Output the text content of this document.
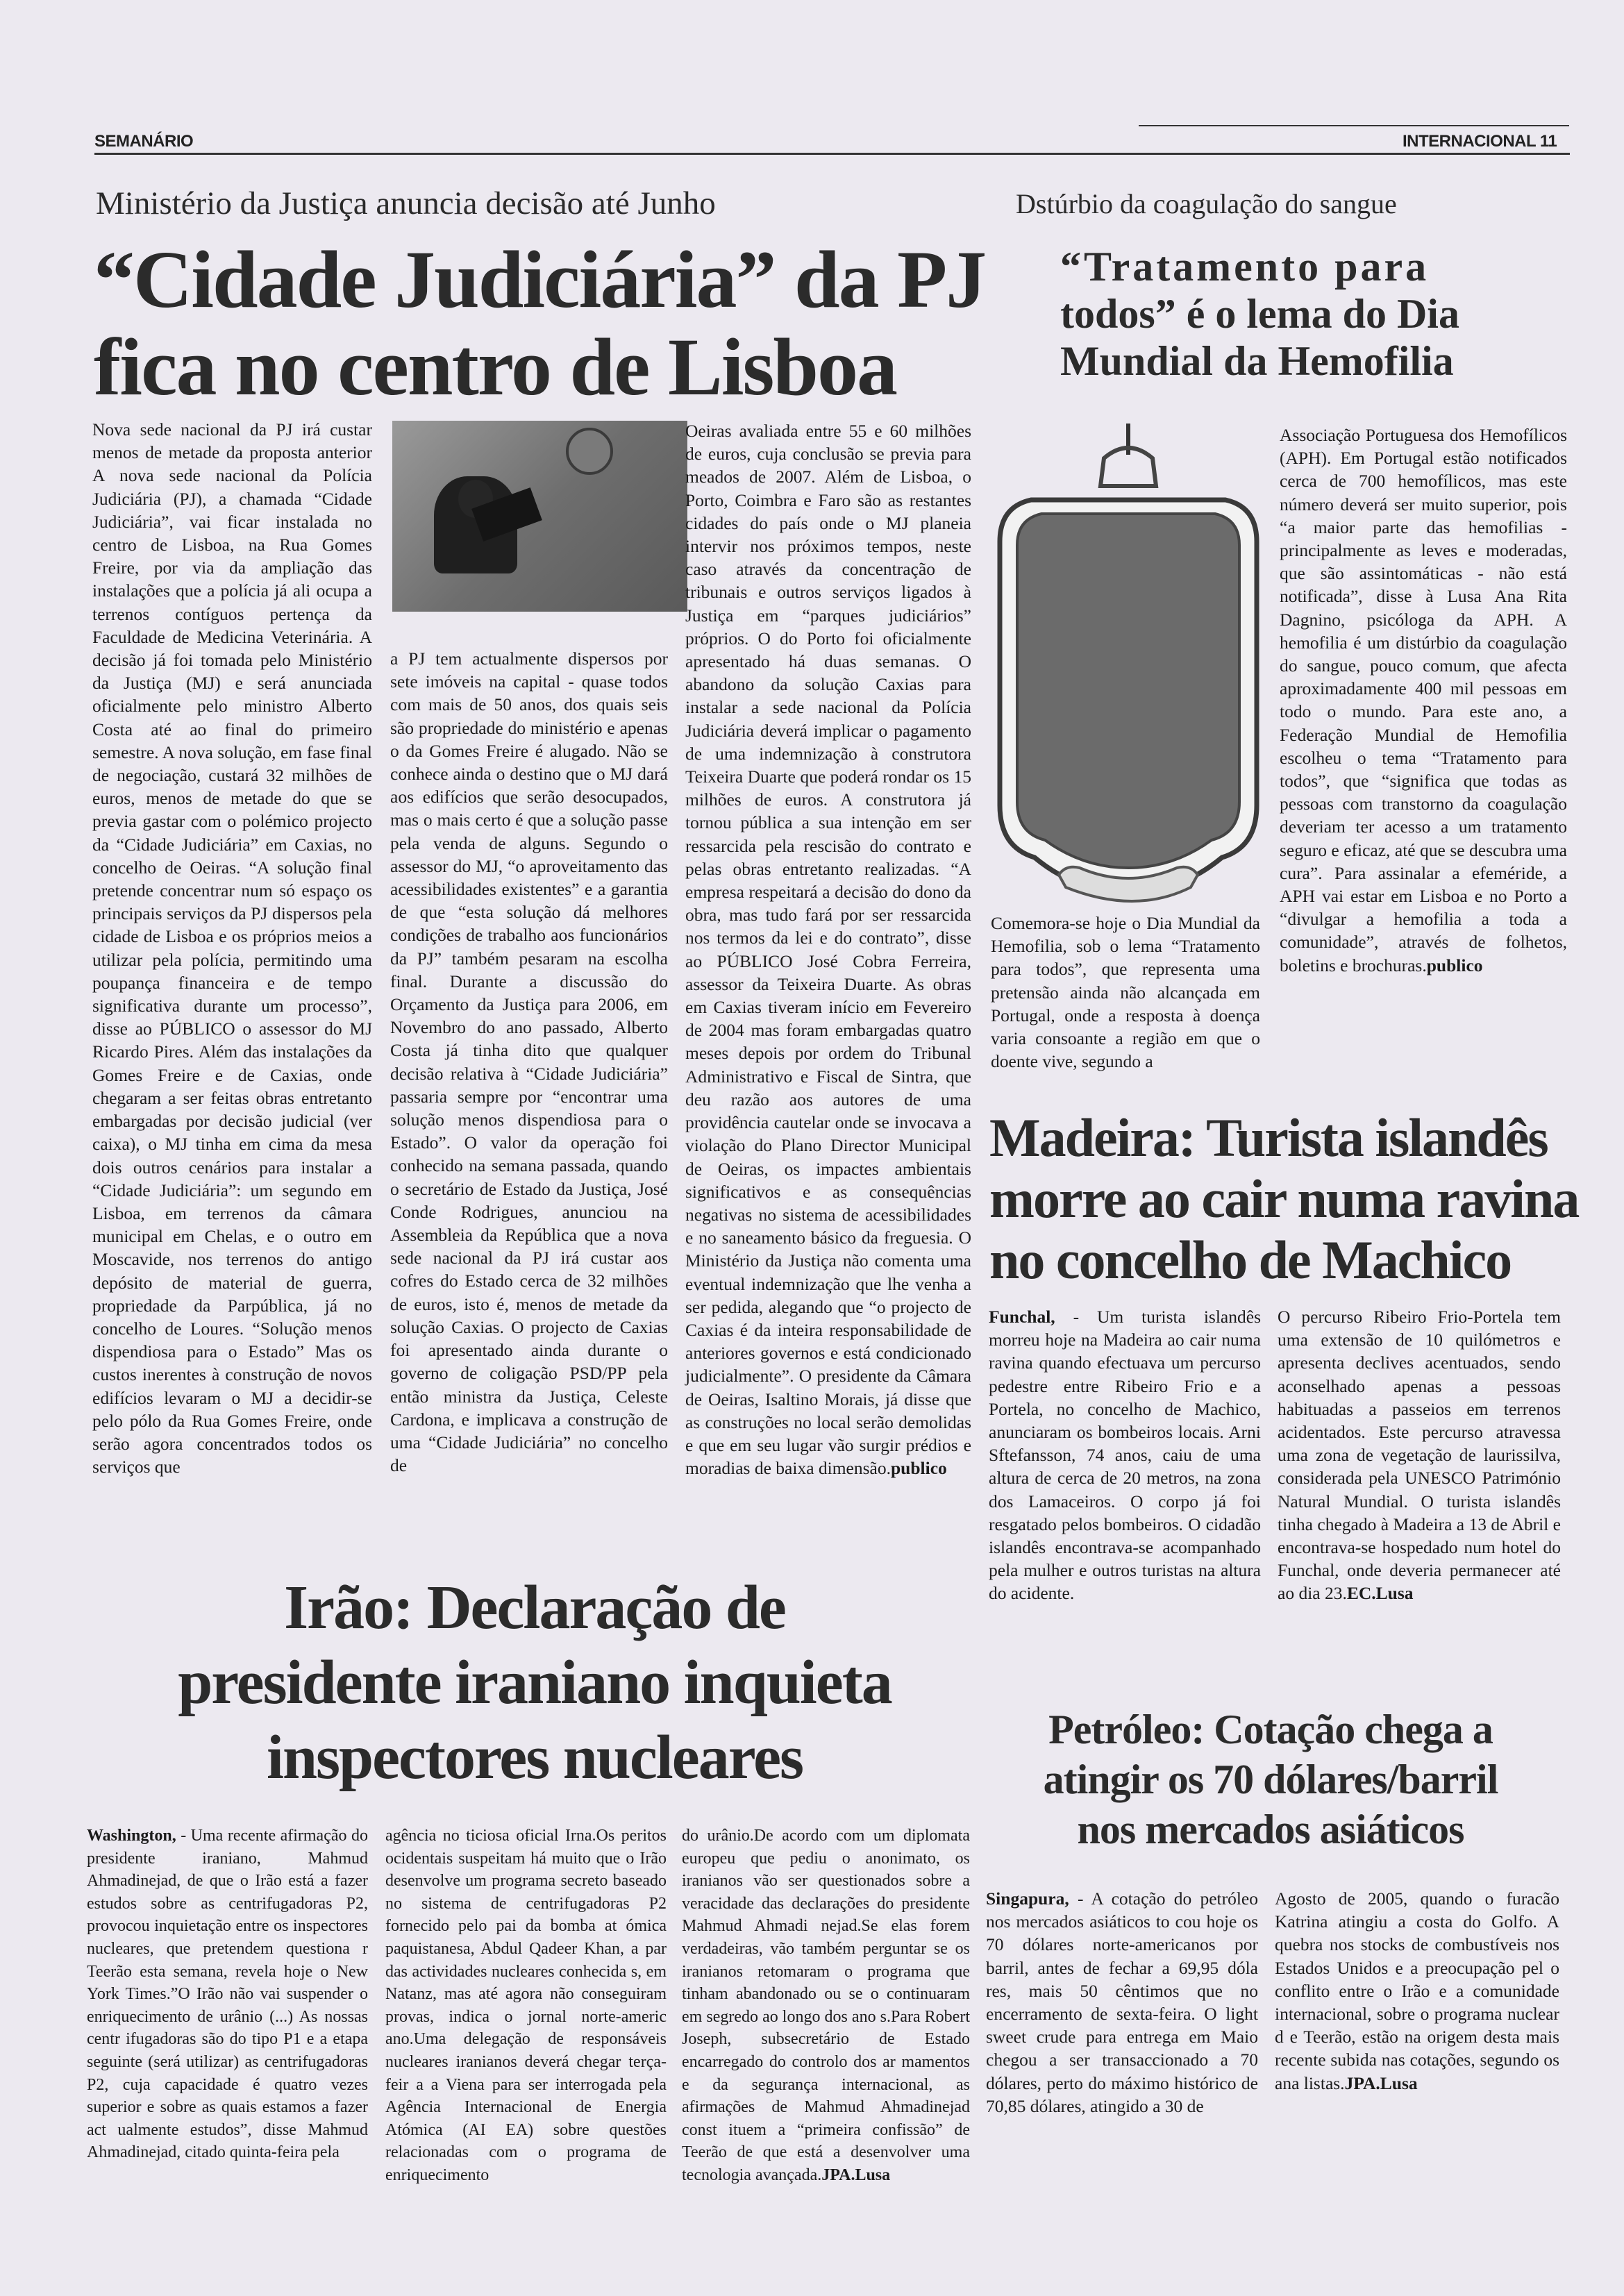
SEMANÁRIO	INTERNACIONAL 11
Ministério da Justiça anuncia decisão até Junho
“Cidade Judiciária” da PJ
fica no centro de Lisboa

Nova sede nacional da PJ irá custar menos de metade da proposta anterior A nova sede nacional da Polícia Judiciária (PJ), a chamada “Cidade Judiciária”, vai ficar instalada no centro de Lisboa, na Rua Gomes Freire, por via da ampliação das instalações que a polícia já ali ocupa a terrenos contíguos pertença da Faculdade de Medicina Veterinária. A decisão já foi tomada pelo Ministério da Justiça (MJ) e será anunciada oficialmente pelo ministro Alberto Costa até ao final do primeiro semestre. A nova solução, em fase final de negociação, custará 32 milhões de euros, menos de metade do que se previa gastar com o polémico projecto da “Cidade Judiciária” em Caxias, no concelho de Oeiras. “A solução final pretende concentrar num só espaço os principais serviços da PJ dispersos pela cidade de Lisboa e os próprios meios a utilizar pela polícia, permitindo uma poupança financeira e de tempo significativa durante um processo”, disse ao PÚBLICO o assessor do MJ Ricardo Pires. Além das instalações da Gomes Freire e de Caxias, onde chegaram a ser feitas obras entretanto embargadas por decisão judicial (ver caixa), o MJ tinha em cima da mesa dois outros cenários para instalar a “Cidade Judiciária”: um segundo em Lisboa, em terrenos da câmara municipal em Chelas, e o outro em Moscavide, nos terrenos do antigo depósito de material de guerra, propriedade da Parpública, já no concelho de Loures. “Solução menos dispendiosa para o Estado” Mas os custos inerentes à construção de novos edifícios levaram o MJ a decidir-se pelo pólo da Rua Gomes Freire, onde serão agora concentrados todos os serviços que

a PJ tem actualmente dispersos por sete imóveis na capital - quase todos com mais de 50 anos, dos quais seis são propriedade do ministério e apenas o da Gomes Freire é alugado. Não se conhece ainda o destino que o MJ dará aos edifícios que serão desocupados, mas o mais certo é que a solução passe pela venda de alguns. Segundo o assessor do MJ, “o aproveitamento das acessibilidades existentes” e a garantia de que “esta solução dá melhores condições de trabalho aos funcionários da PJ” também pesaram na escolha final. Durante a discussão do Orçamento da Justiça para 2006, em Novembro do ano passado, Alberto Costa já tinha dito que qualquer decisão relativa à “Cidade Judiciária” passaria sempre por “encontrar uma solução menos dispendiosa para o Estado”. O valor da operação foi conhecido na semana passada, quando o secretário de Estado da Justiça, José Conde Rodrigues, anunciou na Assembleia da República que a nova sede nacional da PJ irá custar aos cofres do Estado cerca de 32 milhões de euros, isto é, menos de metade da solução Caxias. O projecto de Caxias foi apresentado ainda durante o governo de coligação PSD/PP pela então ministra da Justiça, Celeste Cardona, e implicava a construção de uma “Cidade Judiciária” no concelho de

Oeiras avaliada entre 55 e 60 milhões de euros, cuja conclusão se previa para meados de 2007. Além de Lisboa, o Porto, Coimbra e Faro são as restantes cidades do país onde o MJ planeia intervir nos próximos tempos, neste caso através da concentração de tribunais e outros serviços ligados à Justiça em “parques judiciários” próprios. O do Porto foi oficialmente apresentado há duas semanas. O abandono da solução Caxias para instalar a sede nacional da Polícia Judiciária deverá implicar o pagamento de uma indemnização à construtora Teixeira Duarte que poderá rondar os 15 milhões de euros. A construtora já tornou pública a sua intenção em ser ressarcida pela rescisão do contrato e pelas obras entretanto realizadas. “A empresa respeitará a decisão do dono da obra, mas tudo fará por ser ressarcida nos termos da lei e do contrato”, disse ao PÚBLICO José Cobra Ferreira, assessor da Teixeira Duarte. As obras em Caxias tiveram início em Fevereiro de 2004 mas foram embargadas quatro meses depois por ordem do Tribunal Administrativo e Fiscal de Sintra, que deu razão aos autores de uma providência cautelar onde se invocava a violação do Plano Director Municipal de Oeiras, os impactes ambientais significativos e as consequências negativas no sistema de acessibilidades e no saneamento básico da freguesia. O Ministério da Justiça não comenta uma eventual indemnização que lhe venha a ser pedida, alegando que “o projecto de Caxias é da inteira responsabilidade de anteriores governos e está condicionado judicialmente”. O presidente da Câmara de Oeiras, Isaltino Morais, já disse que as construções no local serão demolidas e que em seu lugar vão surgir prédios e moradias de baixa dimensão.publico

Dstúrbio da coagulação do sangue
“Tratamento para
todos” é o lema do Dia
Mundial da Hemofilia

Comemora-se hoje o Dia Mundial da Hemofilia, sob o lema “Tratamento para todos”, que representa uma pretensão ainda não alcançada em Portugal, onde a resposta à doença varia consoante a região em que o doente vive, segundo a

Associação Portuguesa dos Hemofílicos (APH). Em Portugal estão notificados cerca de 700 hemofílicos, mas este número deverá ser muito superior, pois “a maior parte das hemofilias - principalmente as leves e moderadas, que são assintomáticas - não está notificada”, disse à Lusa Ana Rita Dagnino, psicóloga da APH. A hemofilia é um distúrbio da coagulação do sangue, pouco comum, que afecta aproximadamente 400 mil pessoas em todo o mundo. Para este ano, a Federação Mundial de Hemofilia escolheu o tema “Tratamento para todos”, que “significa que todas as pessoas com transtorno da coagulação deveriam ter acesso a um tratamento seguro e eficaz, até que se descubra uma cura”. Para assinalar a efeméride, a APH vai estar em Lisboa e no Porto a “divulgar a hemofilia a toda a comunidade”, através de folhetos, boletins e brochuras.publico

Madeira: Turista islandês
morre ao cair numa ravina
no concelho de Machico

Funchal, - Um turista islandês morreu hoje na Madeira ao cair numa ravina quando efectuava um percurso pedestre entre Ribeiro Frio e a Portela, no concelho de Machico, anunciaram os bombeiros locais. Arni Sftefansson, 74 anos, caiu de uma altura de cerca de 20 metros, na zona dos Lamaceiros. O corpo já foi resgatado pelos bombeiros. O cidadão islandês encontrava-se acompanhado pela mulher e outros turistas na altura do acidente.

O percurso Ribeiro Frio-Portela tem uma extensão de 10 quilómetros e apresenta declives acentuados, sendo aconselhado apenas a pessoas habituadas a passeios em terrenos acidentados. Este percurso atravessa uma zona de vegetação de laurissilva, considerada pela UNESCO Património Natural Mundial. O turista islandês tinha chegado à Madeira a 13 de Abril e encontrava-se hospedado num hotel do Funchal, onde deveria permanecer até ao dia 23.EC.Lusa

Irão: Declaração de
presidente iraniano inquieta
inspectores nucleares

Washington, - Uma recente afirmação do presidente iraniano, Mahmud Ahmadinejad, de que o Irão está a fazer estudos sobre as centrifugadoras P2, provocou inquietação entre os inspectores nucleares, que pretendem questiona r Teerão esta semana, revela hoje o New York Times.”O Irão não vai suspender o enriquecimento de urânio (...) As nossas centr ifugadoras são do tipo P1 e a etapa seguinte (será utilizar) as centrifugadoras P2, cuja capacidade é quatro vezes superior e sobre as quais estamos a fazer act ualmente estudos”, disse Mahmud Ahmadinejad, citado quinta-feira pela

agência no ticiosa oficial Irna.Os peritos ocidentais suspeitam há muito que o Irão desenvolve um programa secreto baseado no sistema de centrifugadoras P2 fornecido pelo pai da bomba at ómica paquistanesa, Abdul Qadeer Khan, a par das actividades nucleares conhecida s, em Natanz, mas até agora não conseguiram provas, indica o jornal norte-americ ano.Uma delegação de responsáveis nucleares iranianos deverá chegar terça-feir a a Viena para ser interrogada pela Agência Internacional de Energia Atómica (AI EA) sobre questões relacionadas com o programa de enriquecimento

do urânio.De acordo com um diplomata europeu que pediu o anonimato, os iranianos vão ser questionados sobre a veracidade das declarações do presidente Mahmud Ahmadi nejad.Se elas forem verdadeiras, vão também perguntar se os iranianos retomaram o programa que tinham abandonado ou se o continuaram em segredo ao longo dos ano s.Para Robert Joseph, subsecretário de Estado encarregado do controlo dos ar mamentos e da segurança internacional, as afirmações de Mahmud Ahmadinejad const ituem a “primeira confissão” de Teerão de que está a desenvolver uma tecnologia avançada.JPA.Lusa

Petróleo: Cotação chega a
atingir os 70 dólares/barril
nos mercados asiáticos

Singapura, - A cotação do petróleo nos mercados asiáticos to cou hoje os 70 dólares norte-americanos por barril, antes de fechar a 69,95 dóla res, mais 50 cêntimos que no encerramento de sexta-feira. O light sweet crude para entrega em Maio chegou a ser transaccionado a 70 dólares, perto do máximo histórico de 70,85 dólares, atingido a 30 de

Agosto de 2005, quando o furacão Katrina atingiu a costa do Golfo. A quebra nos stocks de combustíveis nos Estados Unidos e a preocupação pel o conflito entre o Irão e a comunidade internacional, sobre o programa nuclear d e Teerão, estão na origem desta mais recente subida nas cotações, segundo os ana listas.JPA.Lusa
